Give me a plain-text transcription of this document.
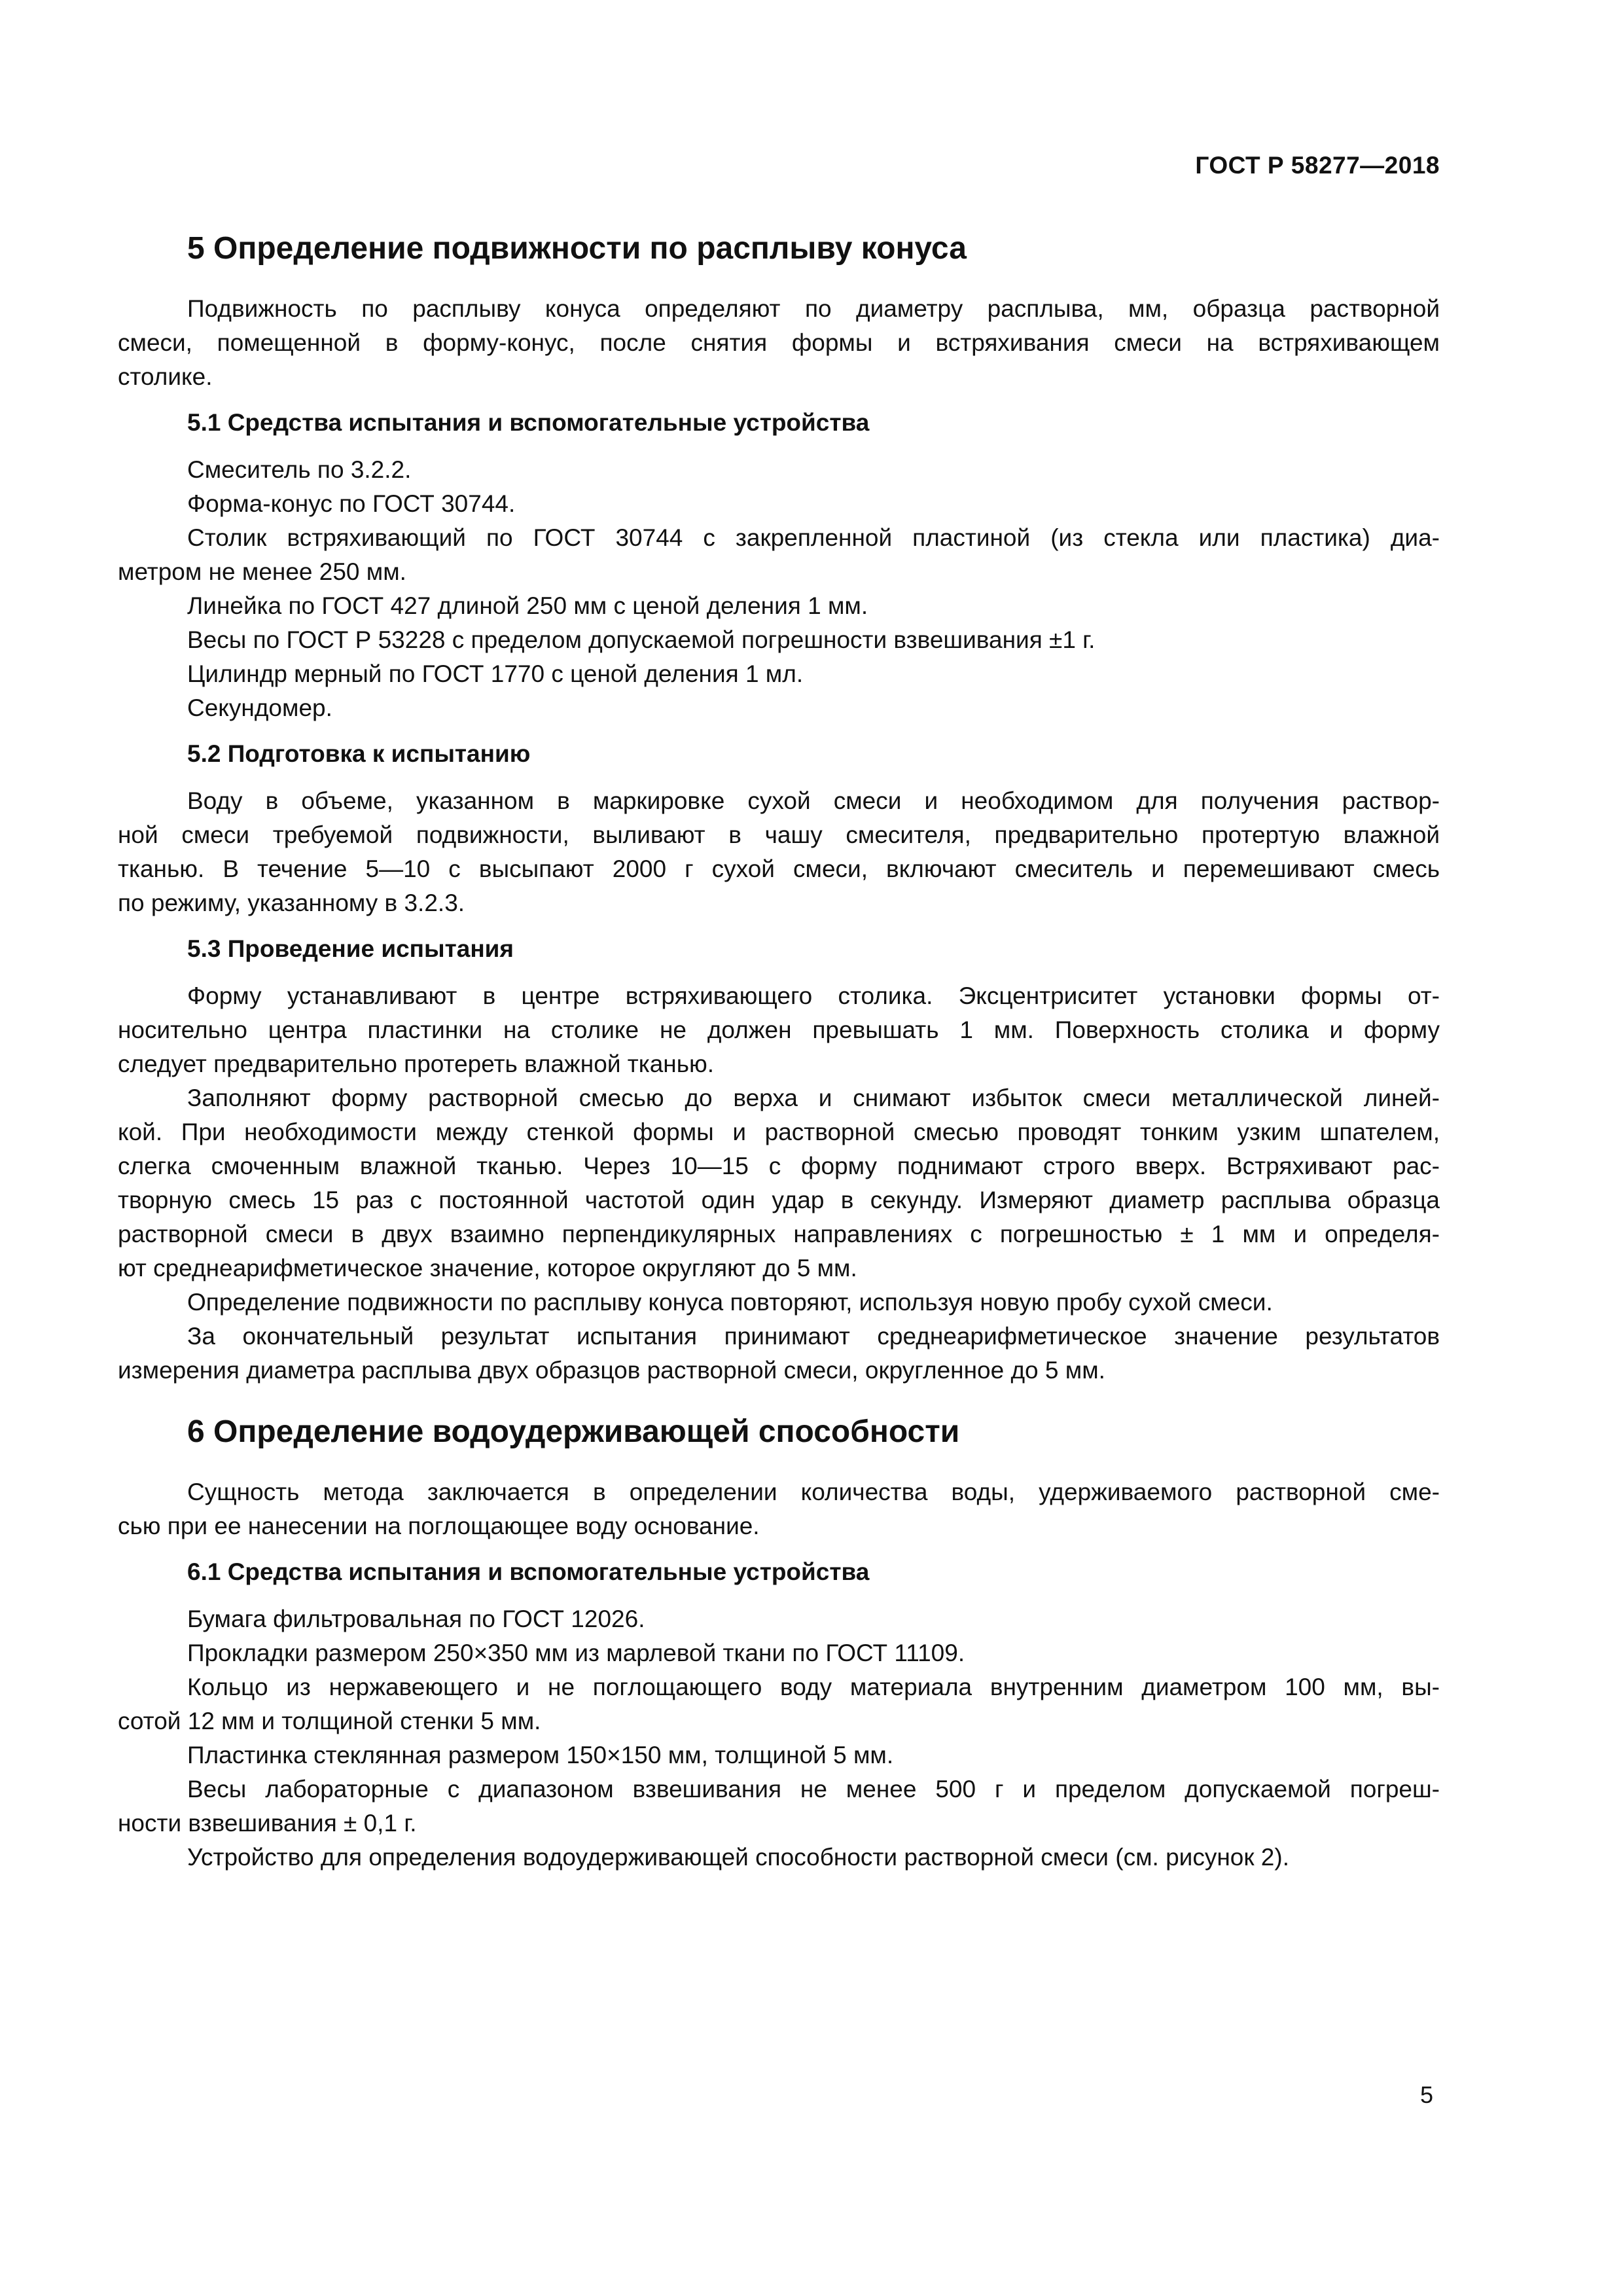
ГОСТ Р 58277—2018
5 Определение подвижности по расплыву конуса
Подвижность по расплыву конуса определяют по диаметру расплыва, мм, образца растворной
смеси, помещенной в форму-конус, после снятия формы и встряхивания смеси на встряхивающем
столике.
5.1 Средства испытания и вспомогательные устройства
Смеситель по 3.2.2.
Форма-конус по ГОСТ 30744.
Столик встряхивающий по ГОСТ 30744 с закрепленной пластиной (из стекла или пластика) диа-
метром не менее 250 мм.
Линейка по ГОСТ 427 длиной 250 мм с ценой деления 1 мм.
Весы по ГОСТ Р 53228 с пределом допускаемой погрешности взвешивания ±1 г.
Цилиндр мерный по ГОСТ 1770 с ценой деления 1 мл.
Секундомер.
5.2 Подготовка к испытанию
Воду в объеме, указанном в маркировке сухой смеси и необходимом для получения раствор-
ной смеси требуемой подвижности, выливают в чашу смесителя, предварительно протертую влажной
тканью. В течение 5—10 с высыпают 2000 г сухой смеси, включают смеситель и перемешивают смесь
по режиму, указанному в 3.2.3.
5.3 Проведение испытания
Форму устанавливают в центре встряхивающего столика. Эксцентриситет установки формы от-
носительно центра пластинки на столике не должен превышать 1 мм. Поверхность столика и форму
следует предварительно протереть влажной тканью.
Заполняют форму растворной смесью до верха и снимают избыток смеси металлической линей-
кой. При необходимости между стенкой формы и растворной смесью проводят тонким узким шпателем,
слегка смоченным влажной тканью. Через 10—15 с форму поднимают строго вверх. Встряхивают рас-
творную смесь 15 раз с постоянной частотой один удар в секунду. Измеряют диаметр расплыва образца
растворной смеси в двух взаимно перпендикулярных направлениях с погрешностью ± 1 мм и определя-
ют среднеарифметическое значение, которое округляют до 5 мм.
Определение подвижности по расплыву конуса повторяют, используя новую пробу сухой смеси.
За окончательный результат испытания принимают среднеарифметическое значение результатов
измерения диаметра расплыва двух образцов растворной смеси, округленное до 5 мм.
6 Определение водоудерживающей способности
Сущность метода заключается в определении количества воды, удерживаемого растворной сме-
сью при ее нанесении на поглощающее воду основание.
6.1 Средства испытания и вспомогательные устройства
Бумага фильтровальная по ГОСТ 12026.
Прокладки размером 250×350 мм из марлевой ткани по ГОСТ 11109.
Кольцо из нержавеющего и не поглощающего воду материала внутренним диаметром 100 мм, вы-
сотой 12 мм и толщиной стенки 5 мм.
Пластинка стеклянная размером 150×150 мм, толщиной 5 мм.
Весы лабораторные с диапазоном взвешивания не менее 500 г и пределом допускаемой погреш-
ности взвешивания ± 0,1 г.
Устройство для определения водоудерживающей способности растворной смеси (см. рисунок 2).
5
